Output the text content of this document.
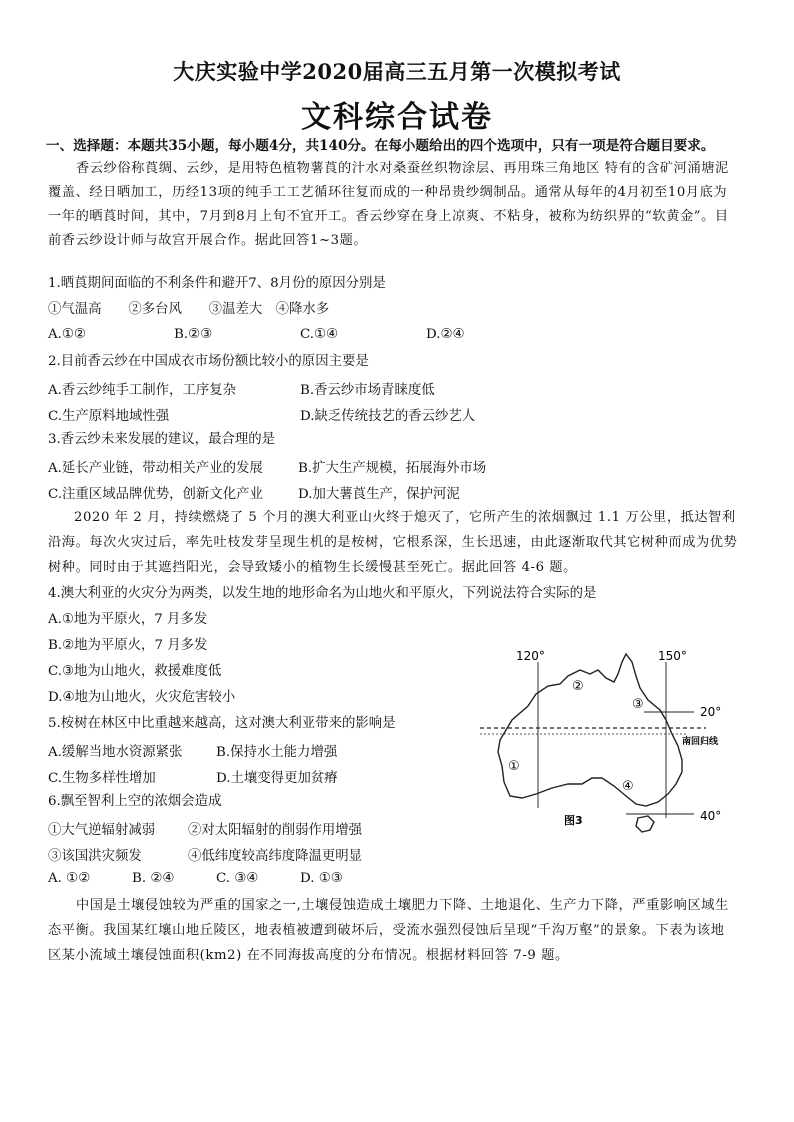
大庆实验中学2020届高三五月第一次模拟考试
文科综合试卷
一、选择题：本题共35小题，每小题4分，共140分。在每小题给出的四个选项中，只有一项是符合题目要求。
香云纱俗称莨绸、云纱，是用特色植物薯莨的汁水对桑蚕丝织物涂层、再用珠三角地区 特有的含矿河涌塘泥
覆盖、经日晒加工，历经13项的纯手工工艺循环往复而成的一种昂贵纱绸制品。通常从每年的4月初至10月底为
一年的晒莨时间，其中，7月到8月上旬不宜开工。香云纱穿在身上凉爽、不粘身，被称为纺织界的“软黄金”。目
前香云纱设计师与故宫开展合作。据此回答1~3题。
1.晒莨期间面临的不利条件和避开7、8月份的原因分别是
①气温高　　②多台风　　③温差大　④降水多
A.①②	B.②③	C.①④	D.②④
2.目前香云纱在中国成衣市场份额比较小的原因主要是
A.香云纱纯手工制作，工序复杂	B.香云纱市场青睐度低
C.生产原料地域性强	D.缺乏传统技艺的香云纱艺人
3.香云纱未来发展的建议，最合理的是
A.延长产业链，带动相关产业的发展	B.扩大生产规模，拓展海外市场
C.注重区域品牌优势，创新文化产业	D.加大薯莨生产，保护河泥
2020 年 2 月，持续燃烧了 5 个月的澳大利亚山火终于熄灭了，它所产生的浓烟飘过 1.1 万公里，抵达智利
沿海。每次火灾过后，率先吐枝发芽呈现生机的是桉树，它根系深，生长迅速，由此逐渐取代其它树种而成为优势
树种。同时由于其遮挡阳光，会导致矮小的植物生长缓慢甚至死亡。据此回答 4-6 题。
4.澳大利亚的火灾分为两类，以发生地的地形命名为山地火和平原火，下列说法符合实际的是
A.①地为平原火，7 月多发
B.②地为平原火，7 月多发
C.③地为山地火，救援难度低
D.④地为山地火，火灾危害较小
5.桉树在林区中比重越来越高，这对澳大利亚带来的影响是
A.缓解当地水资源紧张	B.保持水土能力增强
C.生物多样性增加	D.土壤变得更加贫瘠
6.飘至智利上空的浓烟会造成
①大气逆辐射减弱 ②对太阳辐射的削弱作用增强
③该国洪灾频发	④低纬度较高纬度降温更明显
A. ①②	B. ②④	C. ③④	D. ①③
中国是土壤侵蚀较为严重的国家之一,土壤侵蚀造成土壤肥力下降、土地退化、生产力下降，严重影响区域生
态平衡。我国某红壤山地丘陵区，地表植被遭到破坏后，受流水强烈侵蚀后呈现“千沟万壑”的景象。下表为该地
区某小流域土壤侵蚀面积(km2) 在不同海拔高度的分布情况。根据材料回答 7-9 题。
120°	150°
20°
40°
南回归线
图3
①
②
③
④
